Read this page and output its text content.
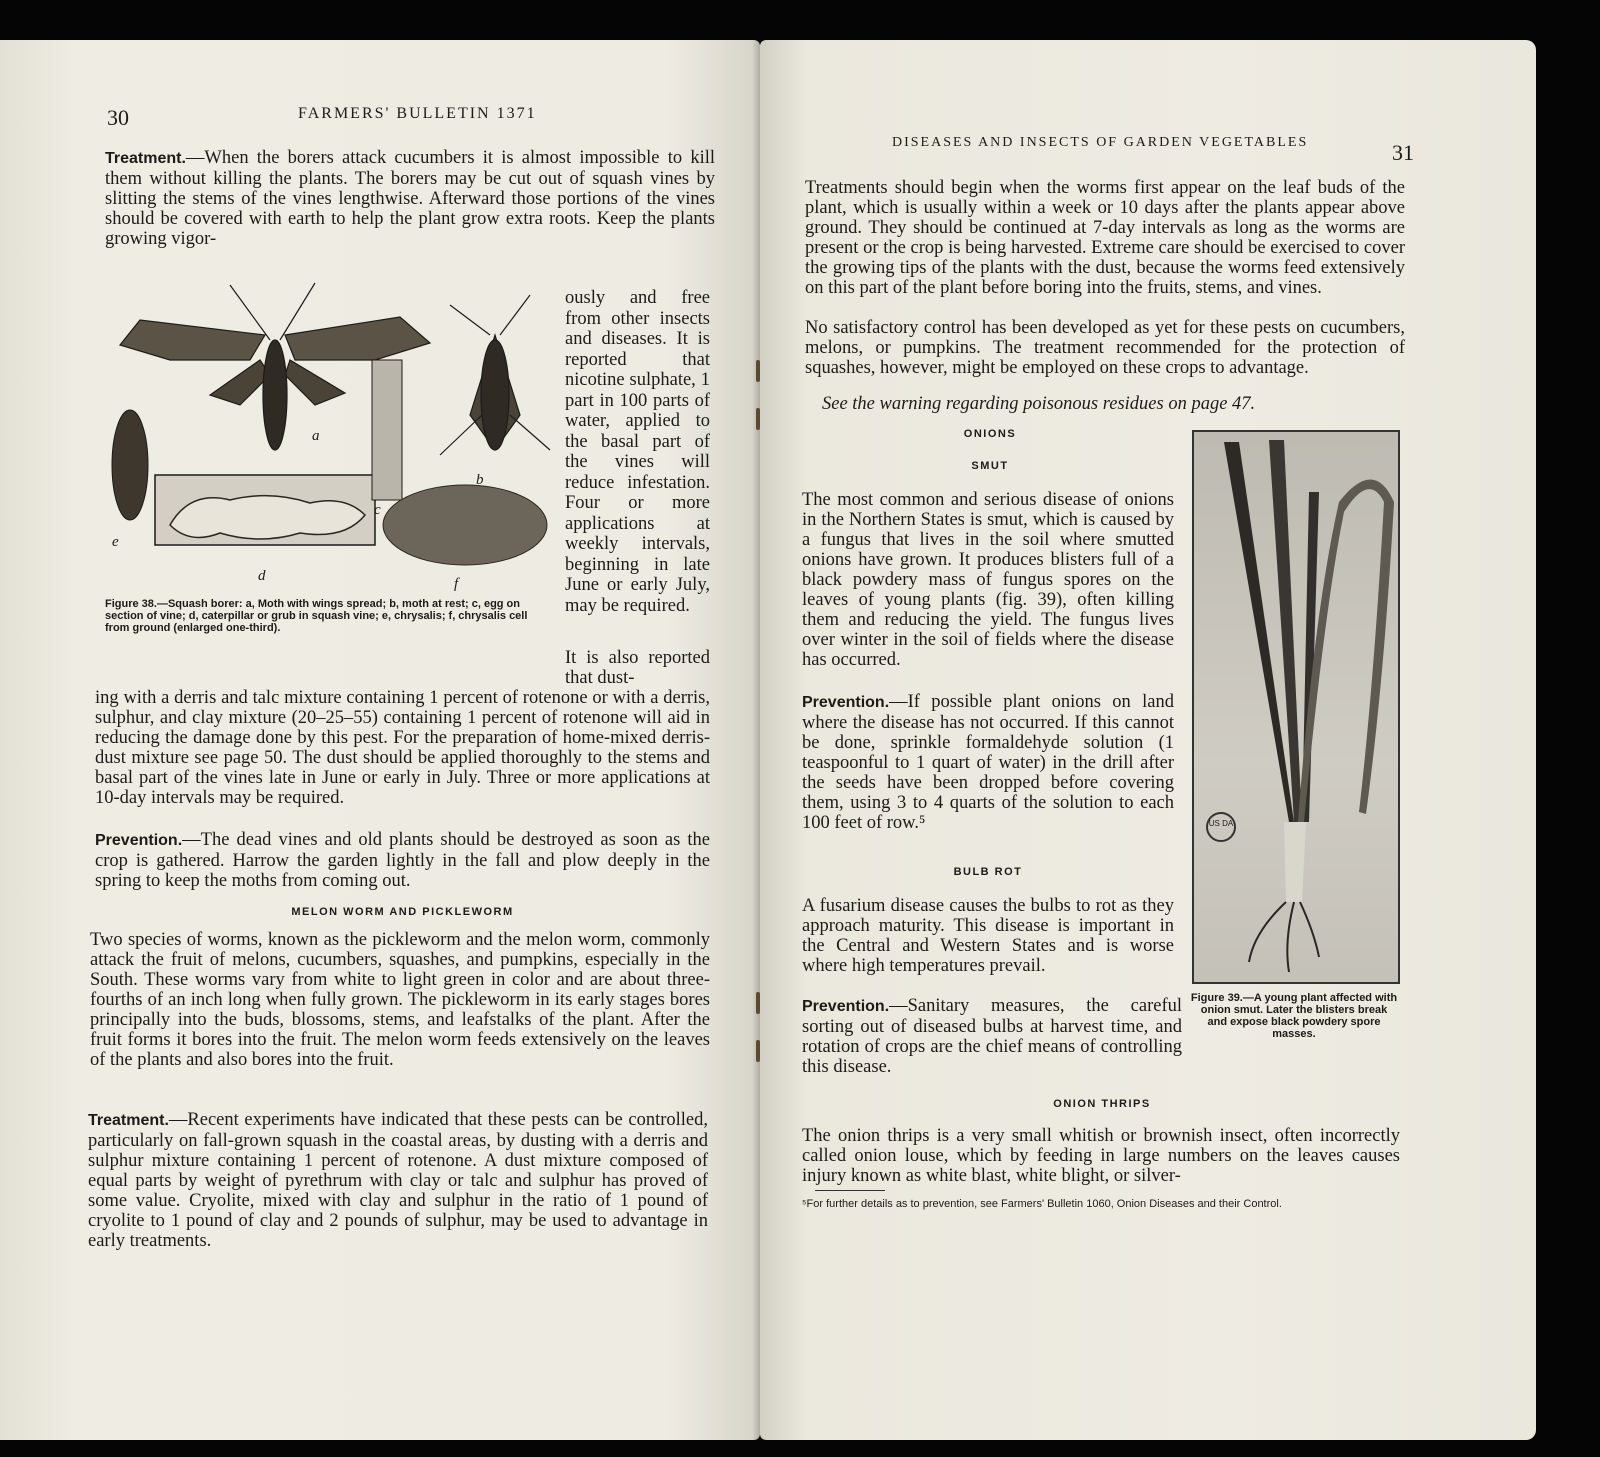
30	FARMERS' BULLETIN 1371

Treatment.—When the borers attack cucumbers it is almost impossible to kill them without killing the plants. The borers may be cut out of squash vines by slitting the stems of the vines lengthwise. Afterward those portions of the vines should be covered with earth to help the plant grow extra roots. Keep the plants growing vigor-

a
b
c
d
e
f
Figure 38.—Squash borer: a, Moth with wings spread; b, moth at rest; c, egg on section of vine; d, caterpillar or grub in squash vine; e, chrysalis; f, chrysalis cell from ground (enlarged one-third).

ously and free from other insects and diseases. It is reported that nicotine sulphate, 1 part in 100 parts of water, applied to the basal part of the vines will reduce infestation. Four or more applications at weekly intervals, beginning in late June or early July, may be required.

It is also reported that dust-

ing with a derris and talc mixture containing 1 percent of rotenone or with a derris, sulphur, and clay mixture (20–25–55) containing 1 percent of rotenone will aid in reducing the damage done by this pest. For the preparation of home-mixed derris-dust mixture see page 50. The dust should be applied thoroughly to the stems and basal part of the vines late in June or early in July. Three or more applications at 10-day intervals may be required.

Prevention.—The dead vines and old plants should be destroyed as soon as the crop is gathered. Harrow the garden lightly in the fall and plow deeply in the spring to keep the moths from coming out.

MELON WORM AND PICKLEWORM

Two species of worms, known as the pickleworm and the melon worm, commonly attack the fruit of melons, cucumbers, squashes, and pumpkins, especially in the South. These worms vary from white to light green in color and are about three-fourths of an inch long when fully grown. The pickleworm in its early stages bores principally into the buds, blossoms, stems, and leafstalks of the plant. After the fruit forms it bores into the fruit. The melon worm feeds extensively on the leaves of the plants and also bores into the fruit.

Treatment.—Recent experiments have indicated that these pests can be controlled, particularly on fall-grown squash in the coastal areas, by dusting with a derris and sulphur mixture containing 1 percent of rotenone. A dust mixture composed of equal parts by weight of pyrethrum with clay or talc and sulphur has proved of some value. Cryolite, mixed with clay and sulphur in the ratio of 1 pound of cryolite to 1 pound of clay and 2 pounds of sulphur, may be used to advantage in early treatments.

DISEASES AND INSECTS OF GARDEN VEGETABLES	31

Treatments should begin when the worms first appear on the leaf buds of the plant, which is usually within a week or 10 days after the plants appear above ground. They should be continued at 7-day intervals as long as the worms are present or the crop is being harvested. Extreme care should be exercised to cover the growing tips of the plants with the dust, because the worms feed extensively on this part of the plant before boring into the fruits, stems, and vines.

No satisfactory control has been developed as yet for these pests on cucumbers, melons, or pumpkins. The treatment recommended for the protection of squashes, however, might be employed on these crops to advantage.

See the warning regarding poisonous residues on page 47.

ONIONS
SMUT

The most common and serious disease of onions in the Northern States is smut, which is caused by a fungus that lives in the soil where smutted onions have grown. It produces blisters full of a black powdery mass of fungus spores on the leaves of young plants (fig. 39), often killing them and reducing the yield. The fungus lives over winter in the soil of fields where the disease has occurred.

Prevention.—If possible plant onions on land where the disease has not occurred. If this cannot be done, sprinkle formaldehyde solution (1 teaspoonful to 1 quart of water) in the drill after the seeds have been dropped before covering them, using 3 to 4 quarts of the solution to each 100 feet of row.⁵

BULB ROT

A fusarium disease causes the bulbs to rot as they approach maturity. This disease is important in the Central and Western States and is worse where high temperatures prevail.

Prevention.—Sanitary measures, the careful sorting out of diseased bulbs at harvest time, and rotation of crops are the chief means of controlling this disease.

US DA
Figure 39.—A young plant affected with onion smut. Later the blisters break and expose black powdery spore masses.
ONION THRIPS

The onion thrips is a very small whitish or brownish insect, often incorrectly called onion louse, which by feeding in large numbers on the leaves causes injury known as white blast, white blight, or silver-

⁵For further details as to prevention, see Farmers' Bulletin 1060, Onion Diseases and their Control.
